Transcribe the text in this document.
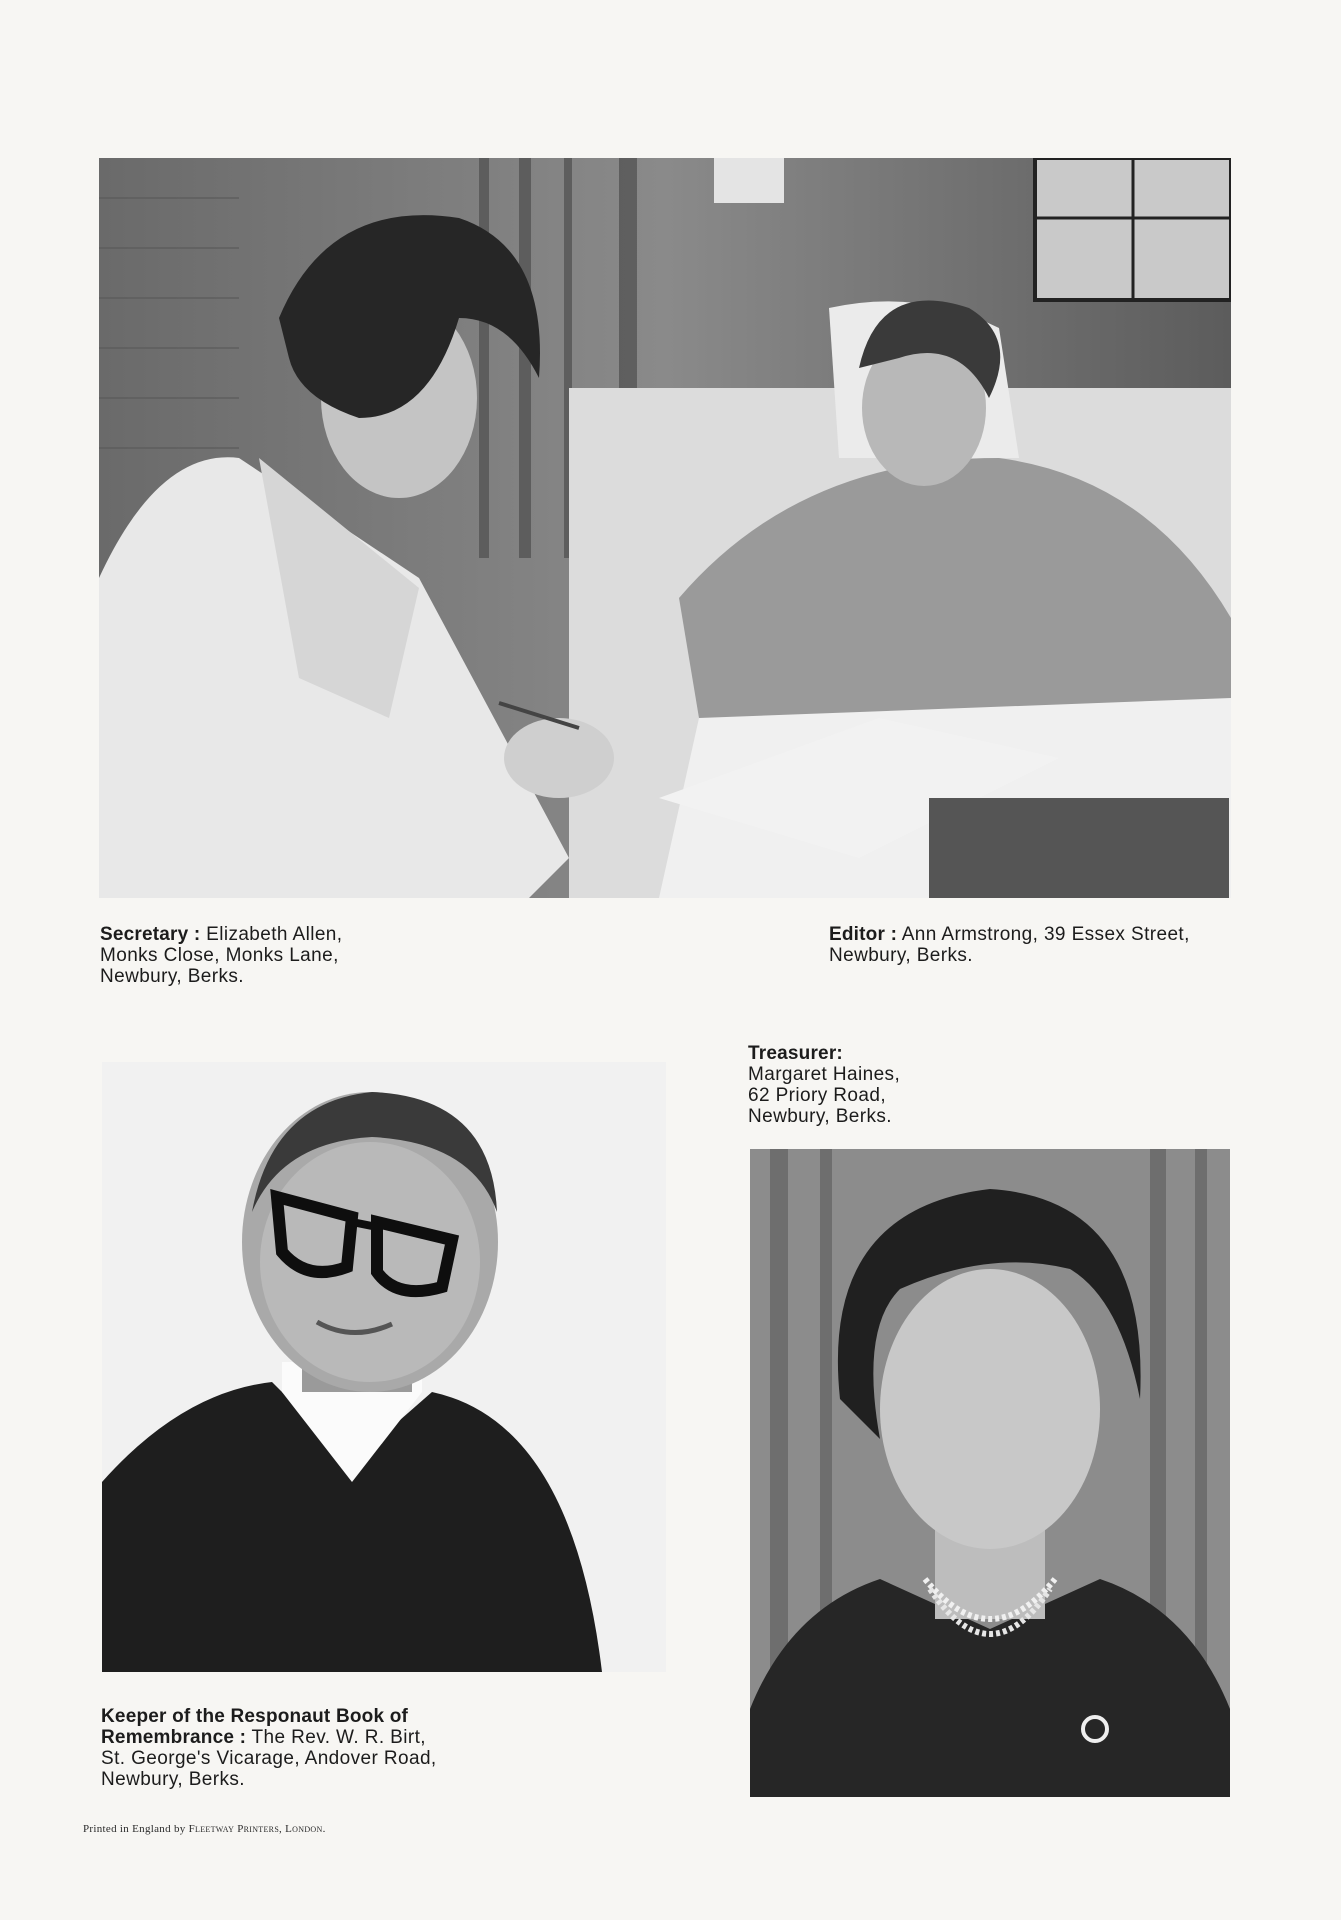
Secretary : Elizabeth Allen,
Monks Close, Monks Lane,
Newbury, Berks.
Editor : Ann Armstrong, 39 Essex Street,
Newbury, Berks.
Treasurer:
Margaret Haines,
62 Priory Road,
Newbury, Berks.
Keeper of the Responaut Book of
Remembrance : The Rev. W. R. Birt,
St. George's Vicarage, Andover Road,
Newbury, Berks.
Printed in England by Fleetway Printers, London.
